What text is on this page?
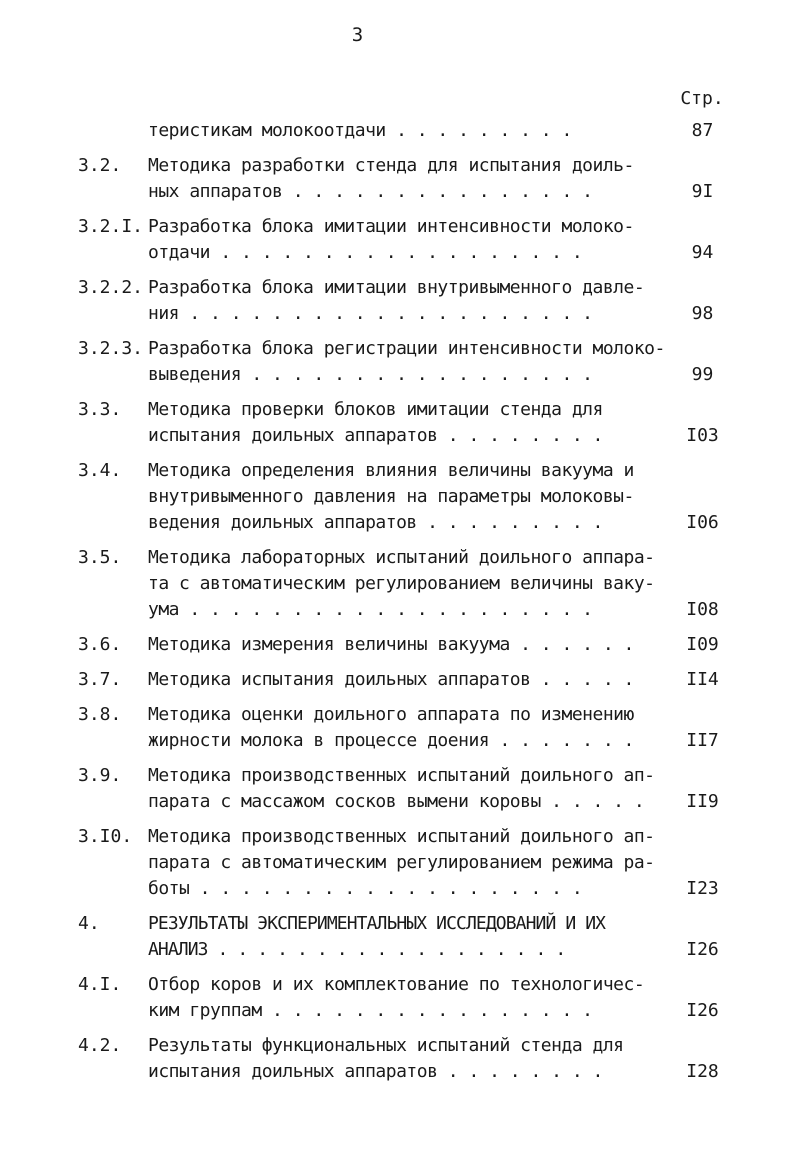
3
Стр.
теристикам молокоотдачи . . . . . . . . .	87
3.2. Методика разработки стенда для испытания доиль-
ных аппаратов . . . . . . . . . . . . . . .	9I
3.2.I. Разработка блока имитации интенсивности молоко-
отдачи . . . . . . . . . . . . . . . . . .	94
3.2.2. Разработка блока имитации внутривыменного давле-
ния . . . . . . . . . . . . . . . . . . . .	98
3.2.3. Разработка блока регистрации интенсивности молоко-
выведения . . . . . . . . . . . . . . . . .	99
3.3. Методика проверки блоков имитации стенда для
испытания доильных аппаратов . . . . . . . .	I03
3.4. Методика определения влияния величины вакуума и
внутривыменного давления на параметры молоковы-
ведения доильных аппаратов . . . . . . . . .	I06
3.5. Методика лабораторных испытаний доильного аппара-
та с автоматическим регулированием величины ваку-
ума . . . . . . . . . . . . . . . . . . . .	I08
3.6. Методика измерения величины вакуума . . . . . .	I09
3.7. Методика испытания доильных аппаратов . . . . .	II4
3.8. Методика оценки доильного аппарата по изменению
жирности молока в процессе доения . . . . . . .	II7
3.9. Методика производственных испытаний доильного ап-
парата с массажом сосков вымени коровы . . . . .	II9
3.I0. Методика производственных испытаний доильного ап-
парата с автоматическим регулированием режима ра-
боты . . . . . . . . . . . . . . . . . . .	I23
4.	РЕЗУЛЬТАТЫ ЭКСПЕРИМЕНТАЛЬНЫХ ИССЛЕДОВАНИЙ И ИХ
АНАЛИЗ . . . . . . . . . . . . . . . . . .	I26
4.I. Отбор коров и их комплектование по технологичес-
ким группам . . . . . . . . . . . . . . . .	I26
4.2. Результаты функциональных испытаний стенда для
испытания доильных аппаратов . . . . . . . .	I28
